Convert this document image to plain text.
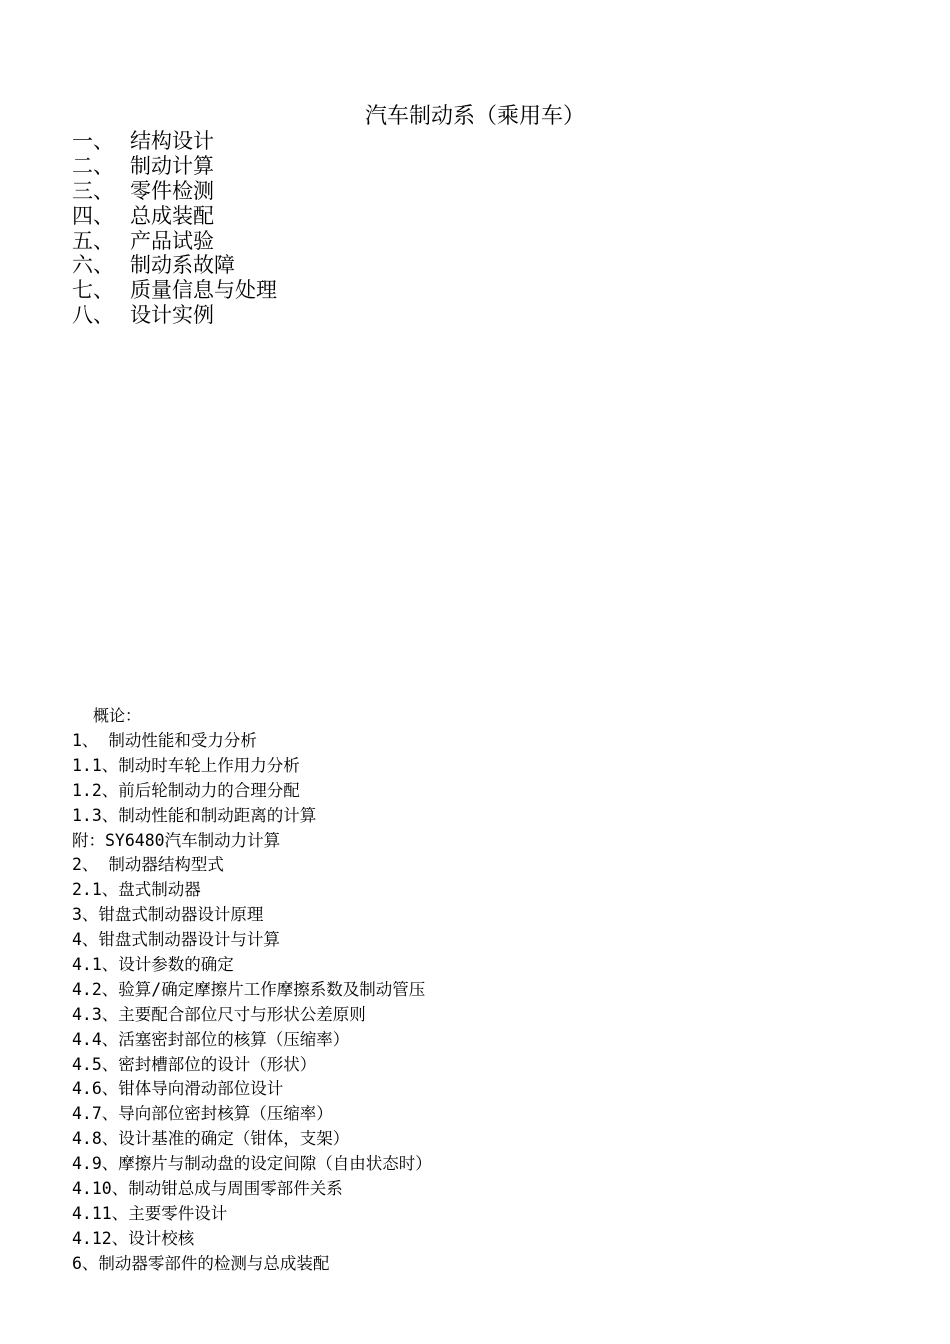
汽车制动系（乘用车）
一、 结构设计
二、 制动计算
三、 零件检测
四、 总成装配
五、 产品试验
六、 制动系故障
七、 质量信息与处理
八、 设计实例
概论：
1、 制动性能和受力分析
1.1、制动时车轮上作用力分析
1.2、前后轮制动力的合理分配
1.3、制动性能和制动距离的计算
附：SY6480汽车制动力计算
2、 制动器结构型式
2.1、盘式制动器
3、钳盘式制动器设计原理
4、钳盘式制动器设计与计算
4.1、设计参数的确定
4.2、验算/确定摩擦片工作摩擦系数及制动管压
4.3、主要配合部位尺寸与形状公差原则
4.4、活塞密封部位的核算（压缩率）
4.5、密封槽部位的设计（形状）
4.6、钳体导向滑动部位设计
4.7、导向部位密封核算（压缩率）
4.8、设计基准的确定（钳体，支架）
4.9、摩擦片与制动盘的设定间隙（自由状态时）
4.10、制动钳总成与周围零部件关系
4.11、主要零件设计
4.12、设计校核
6、制动器零部件的检测与总成装配
